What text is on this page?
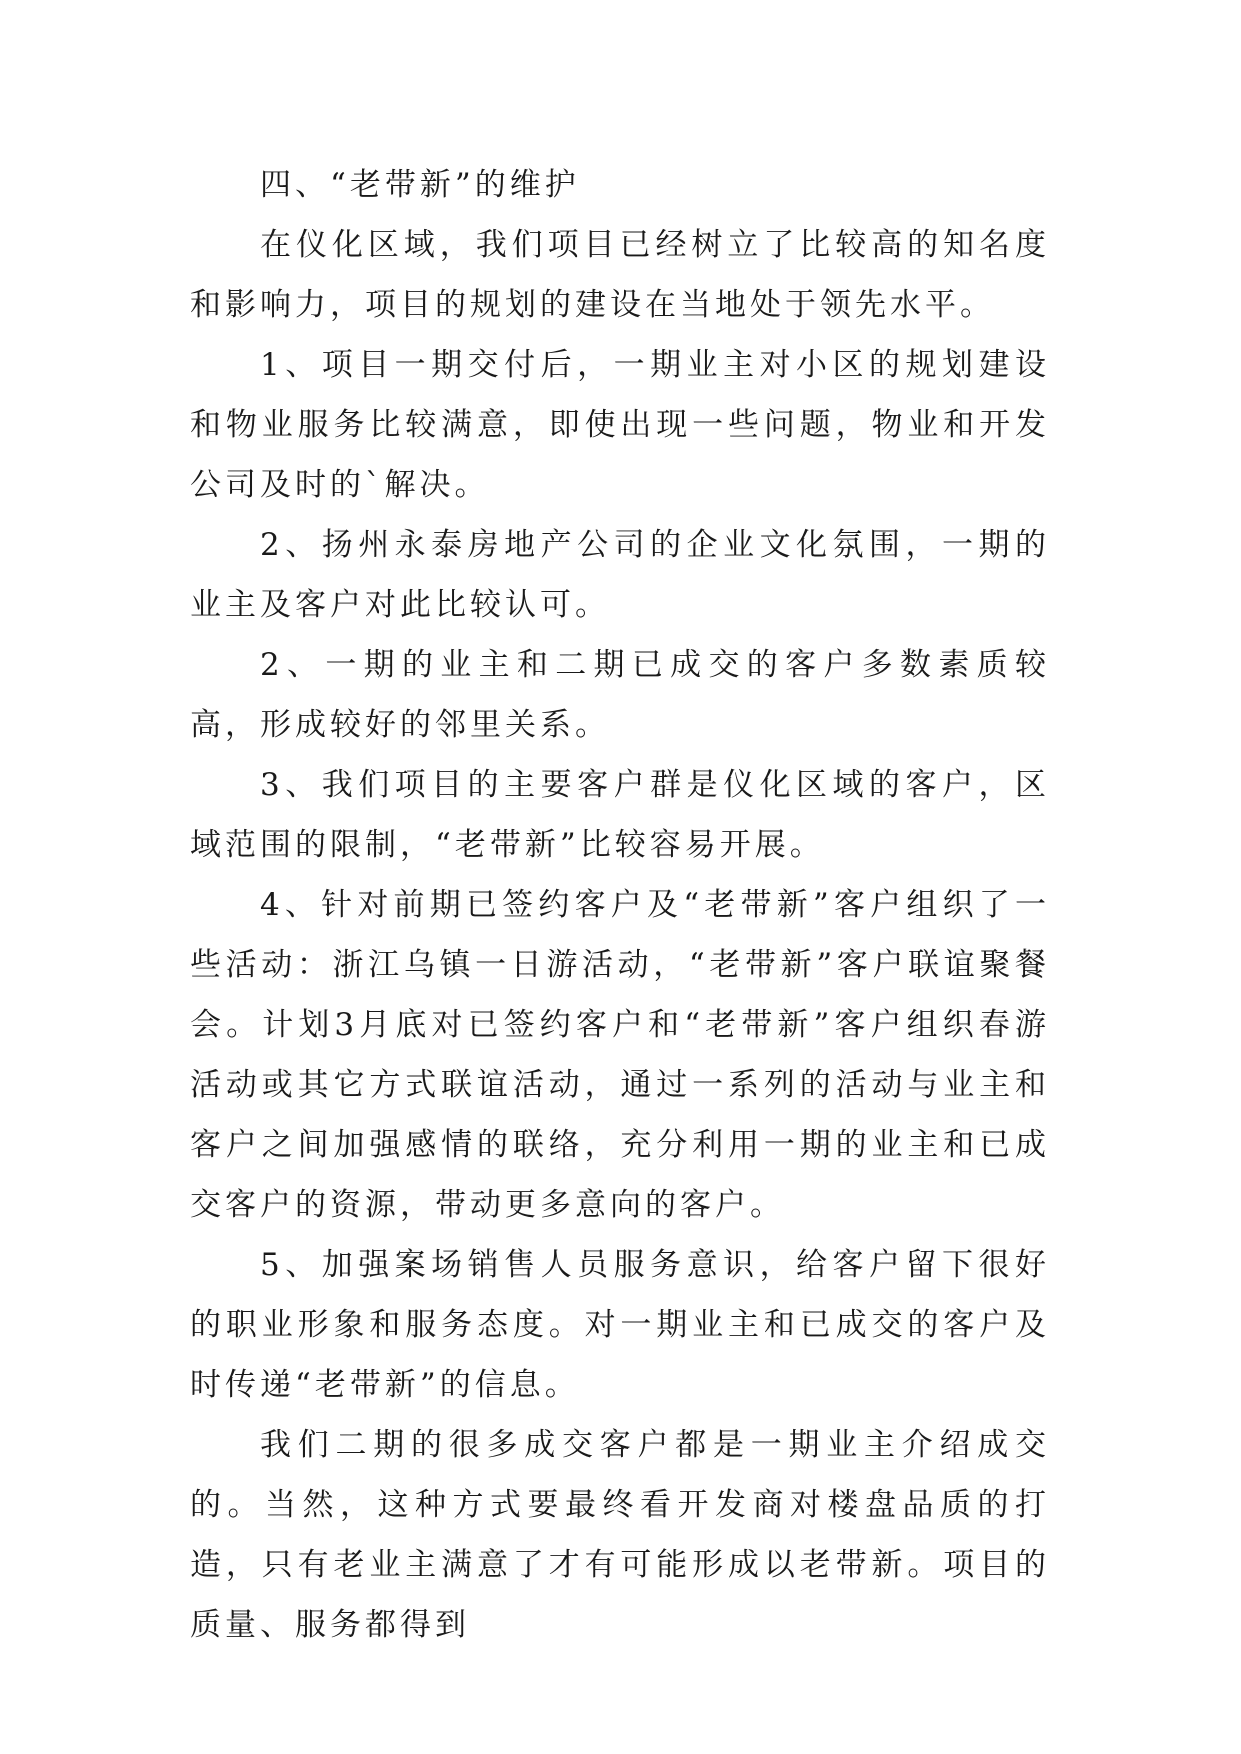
四、“老带新”的维护

在仪化区域，我们项目已经树立了比较高的知名度和影响力，项目的规划的建设在当地处于领先水平。

1、项目一期交付后，一期业主对小区的规划建设和物业服务比较满意，即使出现一些问题，物业和开发公司及时的`解决。

2、扬州永泰房地产公司的企业文化氛围，一期的业主及客户对此比较认可。

2、一期的业主和二期已成交的客户多数素质较高，形成较好的邻里关系。

3、我们项目的主要客户群是仪化区域的客户，区域范围的限制，“老带新”比较容易开展。

4、针对前期已签约客户及“老带新”客户组织了一些活动：浙江乌镇一日游活动，“老带新”客户联谊聚餐会。计划3月底对已签约客户和“老带新”客户组织春游活动或其它方式联谊活动，通过一系列的活动与业主和客户之间加强感情的联络，充分利用一期的业主和已成交客户的资源，带动更多意向的客户。

5、加强案场销售人员服务意识，给客户留下很好的职业形象和服务态度。对一期业主和已成交的客户及时传递“老带新”的信息。

我们二期的很多成交客户都是一期业主介绍成交的。当然，这种方式要最终看开发商对楼盘品质的打造，只有老业主满意了才有可能形成以老带新。项目的质量、服务都得到
